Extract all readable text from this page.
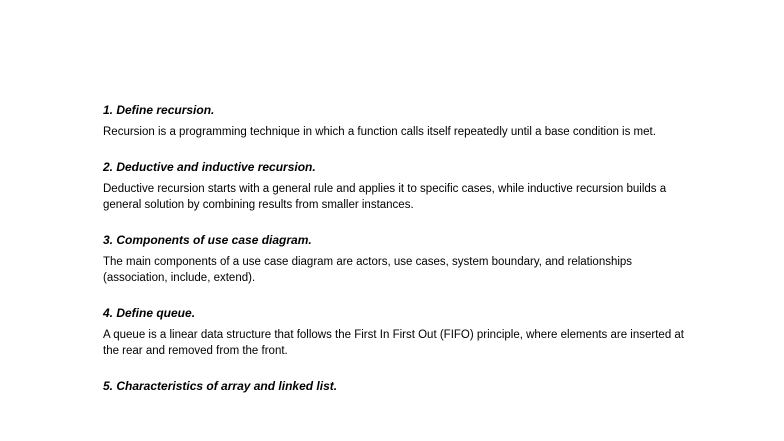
1. Define recursion.

Recursion is a programming technique in which a function calls itself repeatedly until a base condition is met.

2. Deductive and inductive recursion.

Deductive recursion starts with a general rule and applies it to specific cases, while inductive recursion builds a general solution by combining results from smaller instances.

3. Components of use case diagram.

The main components of a use case diagram are actors, use cases, system boundary, and relationships (association, include, extend).

4. Define queue.

A queue is a linear data structure that follows the First In First Out (FIFO) principle, where elements are inserted at the rear and removed from the front.

5. Characteristics of array and linked list.
